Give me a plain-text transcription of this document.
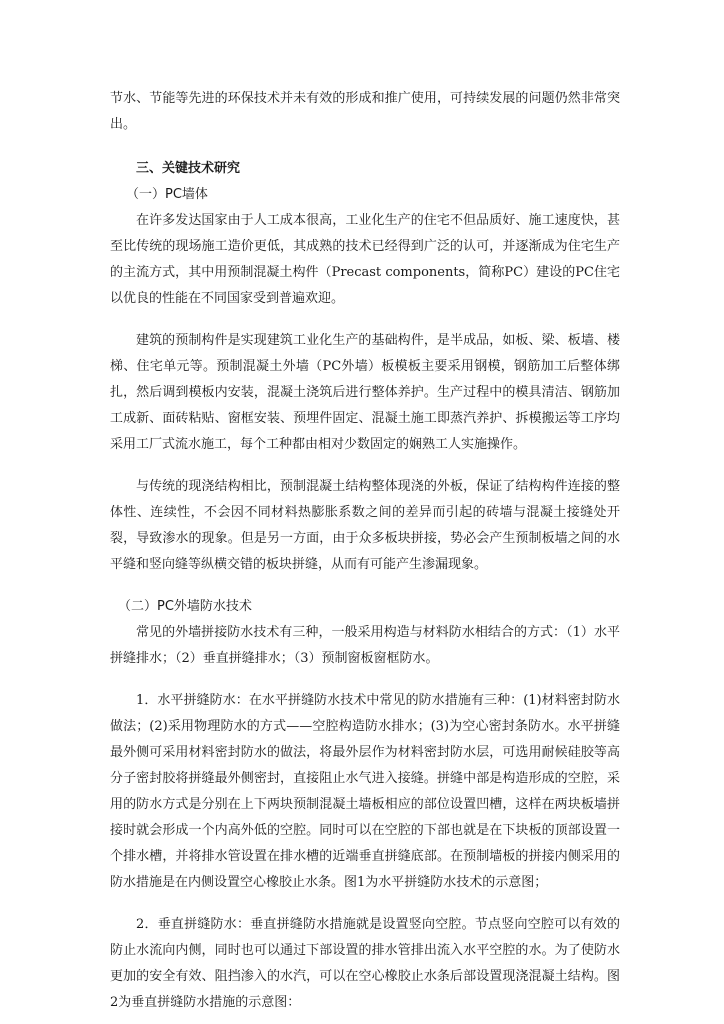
节水、节能等先进的环保技术并未有效的形成和推广使用，可持续发展的问题仍然非常突出。

三、关键技术研究

（一）PC墙体

在许多发达国家由于人工成本很高，工业化生产的住宅不但品质好、施工速度快，甚至比传统的现场施工造价更低，其成熟的技术已经得到广泛的认可，并逐渐成为住宅生产的主流方式，其中用预制混凝土构件（Precast components，简称PC）建设的PC住宅以优良的性能在不同国家受到普遍欢迎。

建筑的预制构件是实现建筑工业化生产的基础构件，是半成品，如板、梁、板墙、楼梯、住宅单元等。预制混凝土外墙（PC外墙）板模板主要采用钢模，钢筋加工后整体绑扎，然后调到模板内安装，混凝土浇筑后进行整体养护。生产过程中的模具清洁、钢筋加工成新、面砖粘贴、窗框安装、预埋件固定、混凝土施工即蒸汽养护、拆模搬运等工序均采用工厂式流水施工，每个工种都由相对少数固定的娴熟工人实施操作。

与传统的现浇结构相比，预制混凝土结构整体现浇的外板，保证了结构构件连接的整体性、连续性，不会因不同材料热膨胀系数之间的差异而引起的砖墙与混凝土接缝处开裂，导致渗水的现象。但是另一方面，由于众多板块拼接，势必会产生预制板墙之间的水平缝和竖向缝等纵横交错的板块拼缝，从而有可能产生渗漏现象。

（二）PC外墙防水技术

常见的外墙拼接防水技术有三种，一般采用构造与材料防水相结合的方式：（1）水平拼缝排水；（2）垂直拼缝排水；（3）预制窗板窗框防水。

1．水平拼缝防水：在水平拼缝防水技术中常见的防水措施有三种：(1)材料密封防水做法；(2)采用物理防水的方式——空腔构造防水排水；(3)为空心密封条防水。水平拼缝最外侧可采用材料密封防水的做法，将最外层作为材料密封防水层，可选用耐候硅胶等高分子密封胶将拼缝最外侧密封，直接阻止水气进入接缝。拼缝中部是构造形成的空腔，采用的防水方式是分别在上下两块预制混凝土墙板相应的部位设置凹槽，这样在两块板墙拼接时就会形成一个内高外低的空腔。同时可以在空腔的下部也就是在下块板的顶部设置一个排水槽，并将排水管设置在排水槽的近端垂直拼缝底部。在预制墙板的拼接内侧采用的防水措施是在内侧设置空心橡胶止水条。图1为水平拼缝防水技术的示意图；

2．垂直拼缝防水：垂直拼缝防水措施就是设置竖向空腔。节点竖向空腔可以有效的防止水流向内侧，同时也可以通过下部设置的排水管排出流入水平空腔的水。为了使防水更加的安全有效、阻挡渗入的水汽，可以在空心橡胶止水条后部设置现浇混凝土结构。图2为垂直拼缝防水措施的示意图：
